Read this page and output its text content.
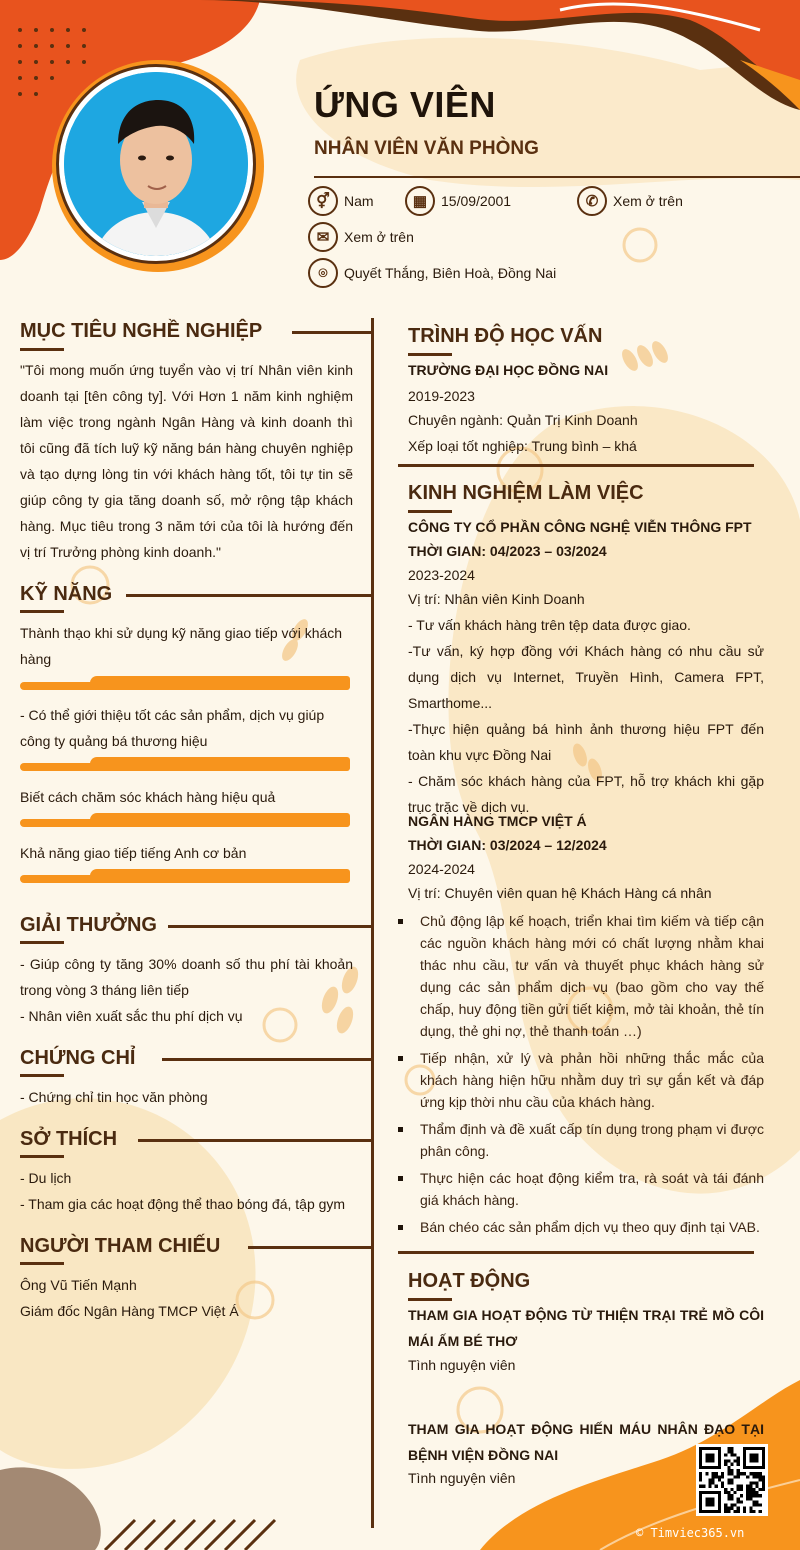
ỨNG VIÊN
NHÂN VIÊN VĂN PHÒNG
⚥	Nam	▦ 15/09/2001	✆	Xem ở trên
✉	Xem ở trên
⌾	Quyết Thắng, Biên Hoà, Đồng Nai
MỤC TIÊU NGHỀ NGHIỆP
"Tôi mong muốn ứng tuyển vào vị trí Nhân viên kinh doanh tại [tên công ty]. Với Hơn 1 năm kinh nghiệm làm việc trong ngành Ngân Hàng và kinh doanh thì tôi cũng đã tích luỹ kỹ năng bán hàng chuyên nghiệp và tạo dựng lòng tin với khách hàng tốt, tôi tự tin sẽ giúp công ty gia tăng doanh số, mở rộng tập khách hàng. Mục tiêu trong 3 năm tới của tôi là hướng đến vị trí Trưởng phòng kinh doanh."
KỸ NĂNG
Thành thạo khi sử dụng kỹ năng giao tiếp với khách hàng
- Có thể giới thiệu tốt các sản phẩm, dịch vụ giúp công ty quảng bá thương hiệu
Biết cách chăm sóc khách hàng hiệu quả
Khả năng giao tiếp tiếng Anh cơ bản
GIẢI THƯỞNG
- Giúp công ty tăng 30% doanh số thu phí tài khoản trong vòng 3 tháng liên tiếp
- Nhân viên xuất sắc thu phí dịch vụ
CHỨNG CHỈ
- Chứng chỉ tin học văn phòng
SỞ THÍCH
- Du lịch
- Tham gia các hoạt động thể thao bóng đá, tập gym
NGƯỜI THAM CHIẾU
Ông Vũ Tiến Mạnh
Giám đốc Ngân Hàng TMCP Việt Á
TRÌNH ĐỘ HỌC VẤN
TRƯỜNG ĐẠI HỌC ĐỒNG NAI
2019-2023
Chuyên ngành: Quản Trị Kinh Doanh
Xếp loại tốt nghiệp: Trung bình – khá
KINH NGHIỆM LÀM VIỆC
CÔNG TY CỔ PHẦN CÔNG NGHỆ VIỄN THÔNG FPT
THỜI GIAN: 04/2023 – 03/2024
2023-2024
Vị trí: Nhân viên Kinh Doanh
- Tư vấn khách hàng trên tệp data được giao.
-Tư vấn, ký hợp đồng với Khách hàng có nhu cầu sử dụng dịch vụ Internet, Truyền Hình, Camera FPT, Smarthome...
-Thực hiện quảng bá hình ảnh thương hiệu FPT đến toàn khu vực Đồng Nai
- Chăm sóc khách hàng của FPT, hỗ trợ khách khi gặp trục trặc về dịch vụ.
NGÂN HÀNG TMCP VIỆT Á
THỜI GIAN: 03/2024 – 12/2024
2024-2024
Vị trí: Chuyên viên quan hệ Khách Hàng cá nhân
Chủ động lập kế hoạch, triển khai tìm kiếm và tiếp cận các nguồn khách hàng mới có chất lượng nhằm khai thác nhu cầu, tư vấn và thuyết phục khách hàng sử dụng các sản phẩm dịch vụ (bao gồm cho vay thế chấp, huy động tiền gửi tiết kiệm, mở tài khoản, thẻ tín dụng, thẻ ghi nợ, thẻ thanh toán …)
Tiếp nhận, xử lý và phản hồi những thắc mắc của khách hàng hiện hữu nhằm duy trì sự gắn kết và đáp ứng kịp thời nhu cầu của khách hàng.
Thẩm định và đề xuất cấp tín dụng trong phạm vi được phân công.
Thực hiện các hoạt động kiểm tra, rà soát và tái đánh giá khách hàng.
Bán chéo các sản phẩm dịch vụ theo quy định tại VAB.
HOẠT ĐỘNG
THAM GIA HOẠT ĐỘNG TỪ THIỆN TRẠI TRẺ MỒ CÔI MÁI ẤM BÉ THƠ
Tình nguyện viên
THAM GIA HOẠT ĐỘNG HIẾN MÁU NHÂN ĐẠO TẠI BỆNH VIỆN ĐỒNG NAI
Tình nguyện viên
© Timviec365.vn
